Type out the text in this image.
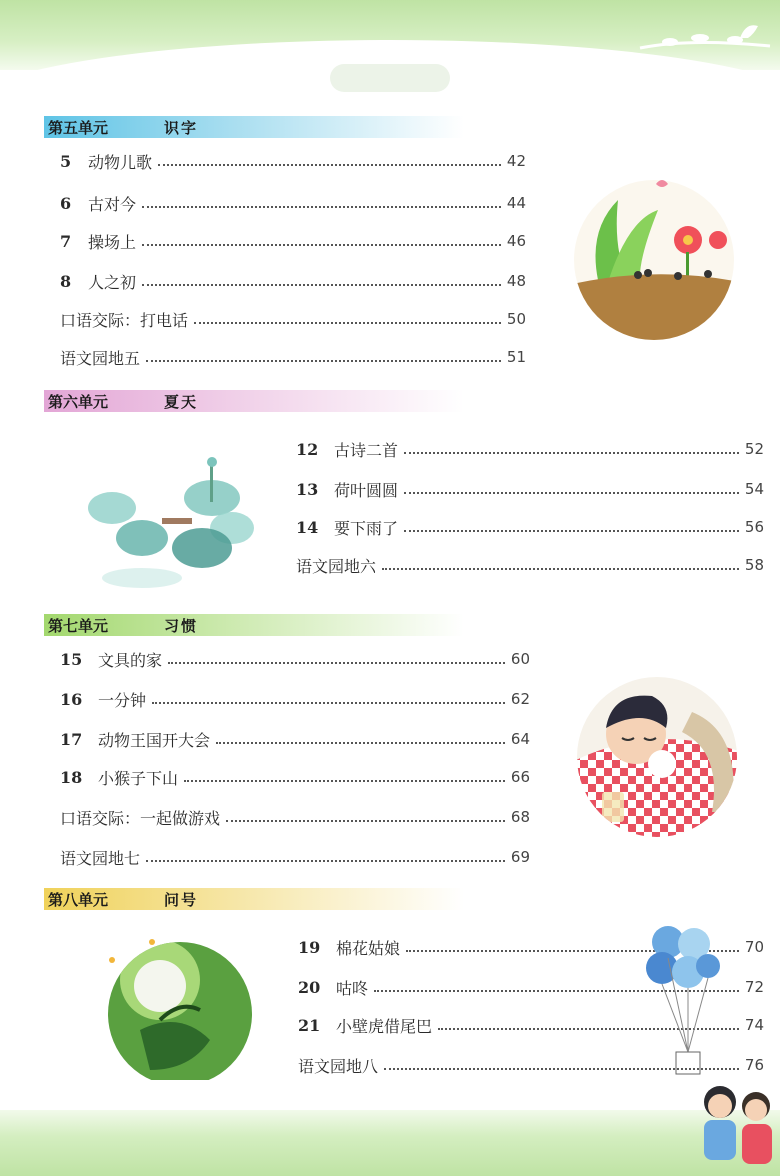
第五单元	识字
5	动物儿歌	42
6	古对今	44
7	操场上	46
8	人之初	48
口语交际：打电话	50
语文园地五	51
第六单元	夏天
12 古诗二首	52
13 荷叶圆圆	54
14 要下雨了	56
语文园地六	58
第七单元	习惯
15 文具的家	60
16 一分钟	62
17 动物王国开大会	64
18 小猴子下山	66
口语交际：一起做游戏	68
语文园地七	69
第八单元	问号
19 棉花姑娘	70
20 咕咚	72
21 小壁虎借尾巴	74
语文园地八	76
